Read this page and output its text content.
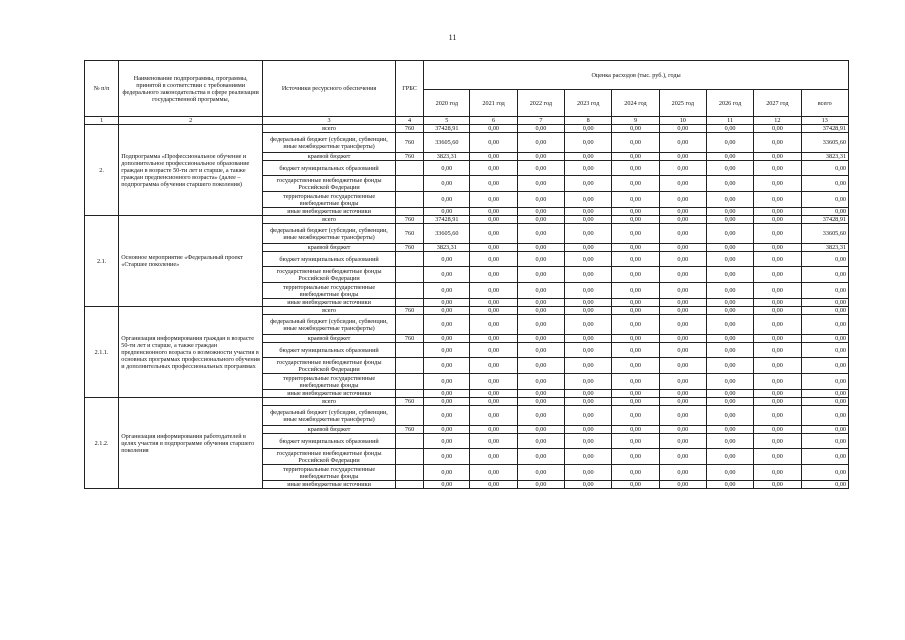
11
№ п/п	Наименование подпрограммы, программы, принятой в соответствии с требованиями федерального законодательства в сфере реализации государственной программы,	Источники ресурсного обеспечения	ГРБС	Оценка расходов (тыс. руб.), годы								
				2020 год	2021 год	2022 год	2023 год	2024 год	2025 год	2026 год	2027 год	всего
1	2	3	4	5	6	7	8	9	10	11	12	13
2.	Подпрограмма «Профессиональное обучение и дополнительное профессиональное образование граждан в возрасте 50-ти лет и старше, а также граждан предпенсионного возраста» (далее – подпрограмма обучения старшего поколения)	всего	760	37428,91	0,00	0,00	0,00	0,00	0,00	0,00	0,00	37428,91
		федеральный бюджет (субсидии, субвенции, иные межбюджетные трансферты)	760	33605,60	0,00	0,00	0,00	0,00	0,00	0,00	0,00	33605,60
		краевой бюджет	760	3823,31	0,00	0,00	0,00	0,00	0,00	0,00	0,00	3823,31
		бюджет муниципальных образований		0,00	0,00	0,00	0,00	0,00	0,00	0,00	0,00	0,00
		государственные внебюджетные фонды Российской Федерации		0,00	0,00	0,00	0,00	0,00	0,00	0,00	0,00	0,00
		территориальные государственные внебюджетные фонды		0,00	0,00	0,00	0,00	0,00	0,00	0,00	0,00	0,00
		иные внебюджетные источники		0,00	0,00	0,00	0,00	0,00	0,00	0,00	0,00	0,00
2.1.	Основное мероприятие «Федеральный проект «Старшее поколение»	всего	760	37428,91	0,00	0,00	0,00	0,00	0,00	0,00	0,00	37428,91
		федеральный бюджет (субсидии, субвенции, иные межбюджетные трансферты)	760	33605,60	0,00	0,00	0,00	0,00	0,00	0,00	0,00	33605,60
		краевой бюджет	760	3823,31	0,00	0,00	0,00	0,00	0,00	0,00	0,00	3823,31
		бюджет муниципальных образований		0,00	0,00	0,00	0,00	0,00	0,00	0,00	0,00	0,00
		государственные внебюджетные фонды Российской Федерации		0,00	0,00	0,00	0,00	0,00	0,00	0,00	0,00	0,00
		территориальные государственные внебюджетные фонды		0,00	0,00	0,00	0,00	0,00	0,00	0,00	0,00	0,00
		иные внебюджетные источники		0,00	0,00	0,00	0,00	0,00	0,00	0,00	0,00	0,00
2.1.1.	Организация информирования граждан в возрасте 50-ти лет и старше, а также граждан предпенсионного возраста о возможности участия в основных программах профессионального обучения и дополнительных профессиональных программах	всего	760	0,00	0,00	0,00	0,00	0,00	0,00	0,00	0,00	0,00
		федеральный бюджет (субсидии, субвенции, иные межбюджетные трансферты)		0,00	0,00	0,00	0,00	0,00	0,00	0,00	0,00	0,00
		краевой бюджет	760	0,00	0,00	0,00	0,00	0,00	0,00	0,00	0,00	0,00
		бюджет муниципальных образований		0,00	0,00	0,00	0,00	0,00	0,00	0,00	0,00	0,00
		государственные внебюджетные фонды Российской Федерации		0,00	0,00	0,00	0,00	0,00	0,00	0,00	0,00	0,00
		территориальные государственные внебюджетные фонды		0,00	0,00	0,00	0,00	0,00	0,00	0,00	0,00	0,00
		иные внебюджетные источники		0,00	0,00	0,00	0,00	0,00	0,00	0,00	0,00	0,00
2.1.2.	Организация информирования работодателей в целях участия в подпрограмме обучения старшего поколения	всего	760	0,00	0,00	0,00	0,00	0,00	0,00	0,00	0,00	0,00
		федеральный бюджет (субсидии, субвенции, иные межбюджетные трансферты)		0,00	0,00	0,00	0,00	0,00	0,00	0,00	0,00	0,00
		краевой бюджет	760	0,00	0,00	0,00	0,00	0,00	0,00	0,00	0,00	0,00
		бюджет муниципальных образований		0,00	0,00	0,00	0,00	0,00	0,00	0,00	0,00	0,00
		государственные внебюджетные фонды Российской Федерации		0,00	0,00	0,00	0,00	0,00	0,00	0,00	0,00	0,00
		территориальные государственные внебюджетные фонды		0,00	0,00	0,00	0,00	0,00	0,00	0,00	0,00	0,00
		иные внебюджетные источники		0,00	0,00	0,00	0,00	0,00	0,00	0,00	0,00	0,00
